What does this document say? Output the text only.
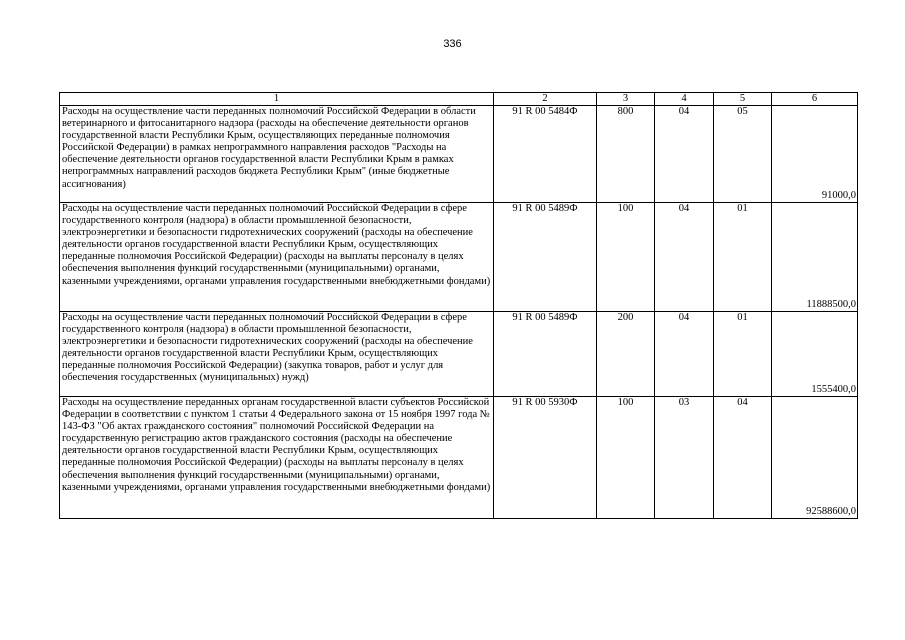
336
1	2	3	4	5	6
Расходы на осуществление части переданных полномочий Российской Федерации в области ветеринарного и фитосанитарного надзора (расходы на обеспечение деятельности органов государственной власти Республики Крым, осуществляющих переданные полномочия Российской Федерации) в рамках непрограммного направления расходов "Расходы на обеспечение деятельности органов государственной власти Республики Крым в рамках непрограммных направлений расходов бюджета Республики Крым" (иные бюджетные ассигнования)	91 R 00 5484Ф	800	04	05	91000,0
Расходы на осуществление части переданных полномочий Российской Федерации в сфере государственного контроля (надзора) в области промышленной безопасности, электроэнергетики и безопасности гидротехнических сооружений (расходы на обеспечение деятельности органов государственной власти Республики Крым, осуществляющих переданные полномочия Российской Федерации) (расходы на выплаты персоналу в целях обеспечения выполнения функций государственными (муниципальными) органами, казенными учреждениями, органами управления государственными внебюджетными фондами)	91 R 00 5489Ф	100	04	01	11888500,0
Расходы на осуществление части переданных полномочий Российской Федерации в сфере государственного контроля (надзора) в области промышленной безопасности, электроэнергетики и безопасности гидротехнических сооружений (расходы на обеспечение деятельности органов государственной власти Республики Крым, осуществляющих переданные полномочия Российской Федерации) (закупка товаров, работ и услуг для обеспечения государственных (муниципальных) нужд)	91 R 00 5489Ф	200	04	01	1555400,0
Расходы на осуществление переданных органам государственной власти субъектов Российской Федерации в соответствии с пунктом 1 статьи 4 Федерального закона от 15 ноября 1997 года № 143-ФЗ "Об актах гражданского состояния" полномочий Российской Федерации на государственную регистрацию актов гражданского состояния (расходы на обеспечение деятельности органов государственной власти Республики Крым, осуществляющих переданные полномочия Российской Федерации) (расходы на выплаты персоналу в целях обеспечения выполнения функций государственными (муниципальными) органами, казенными учреждениями, органами управления государственными внебюджетными фондами)	91 R 00 5930Ф	100	03	04	92588600,0
